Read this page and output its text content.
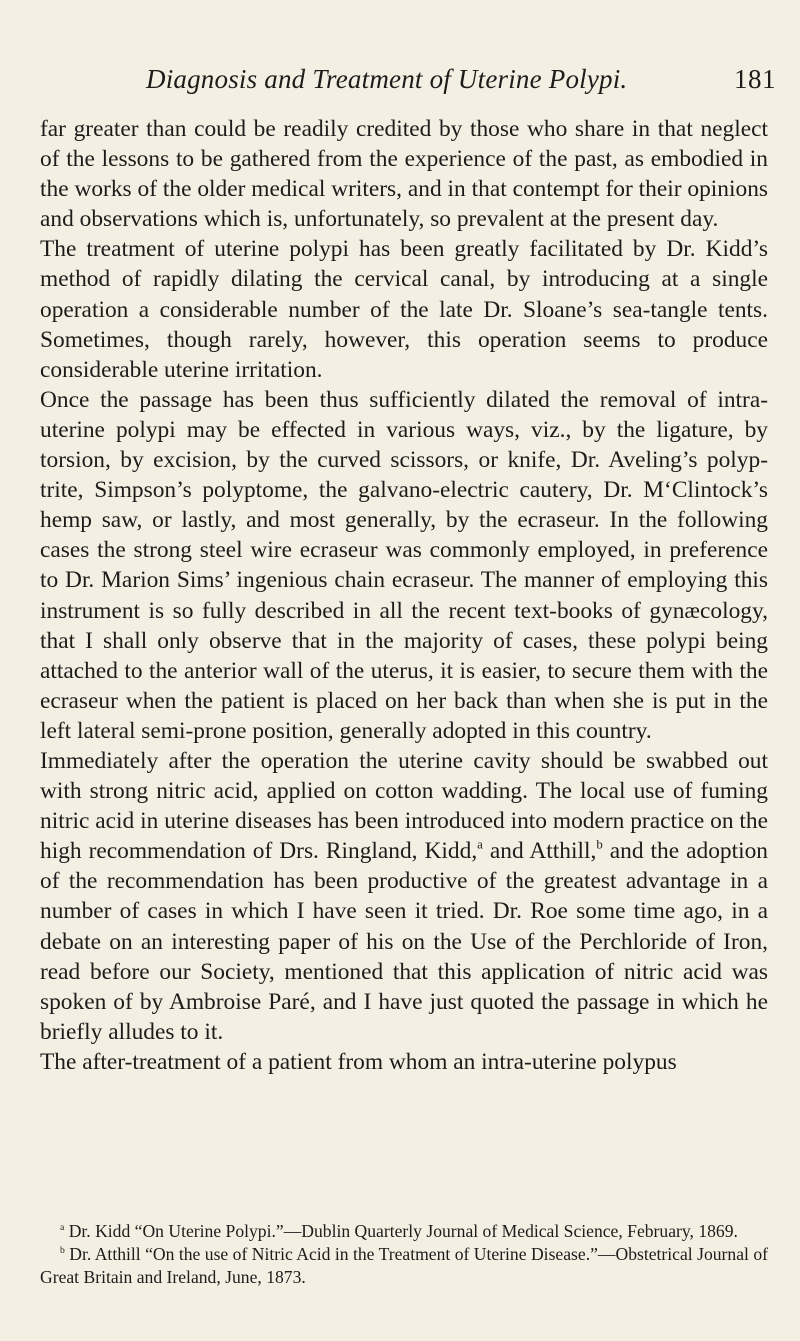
Diagnosis and Treatment of Uterine Polypi.	181

far greater than could be readily credited by those who share in that neglect of the lessons to be gathered from the experience of the past, as embodied in the works of the older medical writers, and in that contempt for their opinions and observations which is, unfortunately, so prevalent at the present day.

The treatment of uterine polypi has been greatly facilitated by Dr. Kidd’s method of rapidly dilating the cervical canal, by introducing at a single operation a considerable number of the late Dr. Sloane’s sea-tangle tents. Sometimes, though rarely, however, this operation seems to produce considerable uterine irritation.

Once the passage has been thus sufficiently dilated the removal of intra-uterine polypi may be effected in various ways, viz., by the ligature, by torsion, by excision, by the curved scissors, or knife, Dr. Aveling’s polyp-trite, Simpson’s polyptome, the galvano-electric cautery, Dr. M‘Clintock’s hemp saw, or lastly, and most generally, by the ecraseur. In the following cases the strong steel wire ecraseur was commonly employed, in preference to Dr. Marion Sims’ ingenious chain ecraseur. The manner of employing this instrument is so fully described in all the recent text-books of gynæcology, that I shall only observe that in the majority of cases, these polypi being attached to the anterior wall of the uterus, it is easier, to secure them with the ecraseur when the patient is placed on her back than when she is put in the left lateral semi-prone position, generally adopted in this country.

Immediately after the operation the uterine cavity should be swabbed out with strong nitric acid, applied on cotton wadding. The local use of fuming nitric acid in uterine diseases has been introduced into modern practice on the high recommendation of Drs. Ringland, Kidd,$^a$ and Atthill,$^b$ and the adoption of the recommendation has been productive of the greatest advantage in a number of cases in which I have seen it tried. Dr. Roe some time ago, in a debate on an interesting paper of his on the Use of the Perchloride of Iron, read before our Society, mentioned that this application of nitric acid was spoken of by Ambroise Paré, and I have just quoted the passage in which he briefly alludes to it.

The after-treatment of a patient from whom an intra-uterine polypus

$^a$ Dr. Kidd “On Uterine Polypi.”—Dublin Quarterly Journal of Medical Science, February, 1869.

$^b$ Dr. Atthill “On the use of Nitric Acid in the Treatment of Uterine Disease.”—Obstetrical Journal of Great Britain and Ireland, June, 1873.
